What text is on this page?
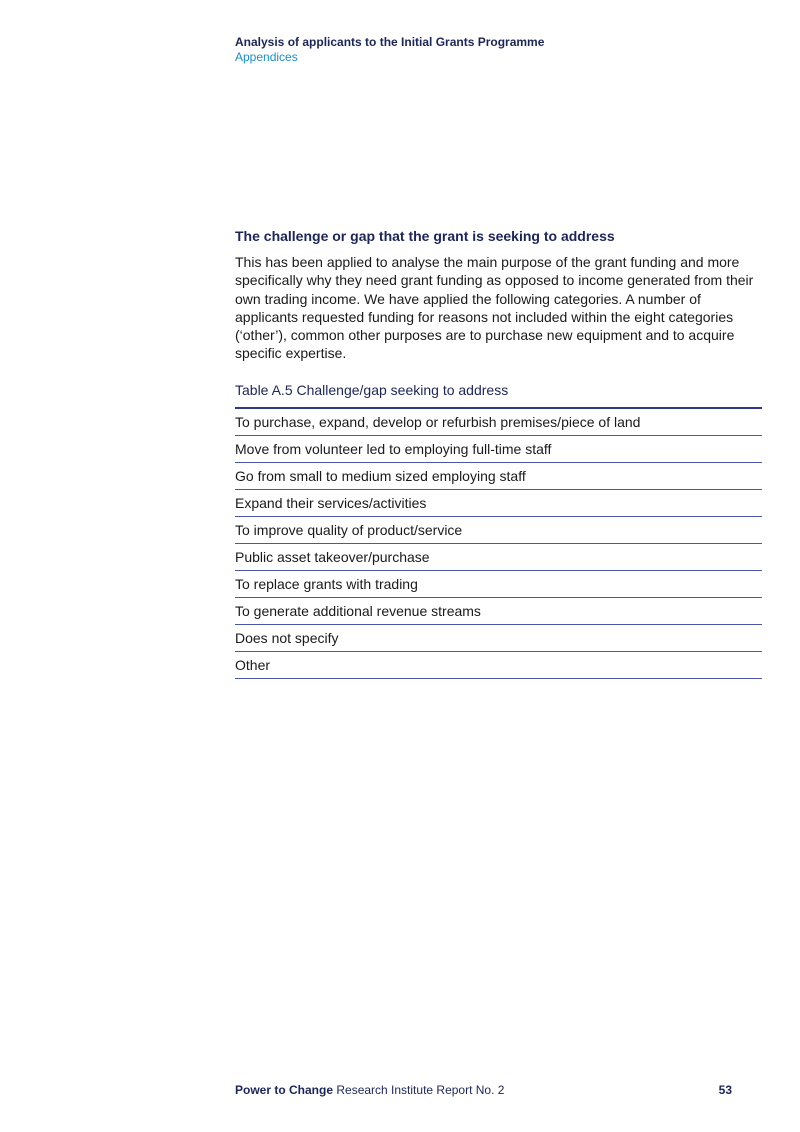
Analysis of applicants to the Initial Grants Programme
Appendices
The challenge or gap that the grant is seeking to address

This has been applied to analyse the main purpose of the grant funding and more specifically why they need grant funding as opposed to income generated from their own trading income. We have applied the following categories. A number of applicants requested funding for reasons not included within the eight categories (‘other’), common other purposes are to purchase new equipment and to acquire specific expertise.

Table A.5 Challenge/gap seeking to address
To purchase, expand, develop or refurbish premises/piece of land
Move from volunteer led to employing full-time staff
Go from small to medium sized employing staff
Expand their services/activities
To improve quality of product/service
Public asset takeover/purchase
To replace grants with trading
To generate additional revenue streams
Does not specify
Other
Power to Change Research Institute Report No. 2	53
